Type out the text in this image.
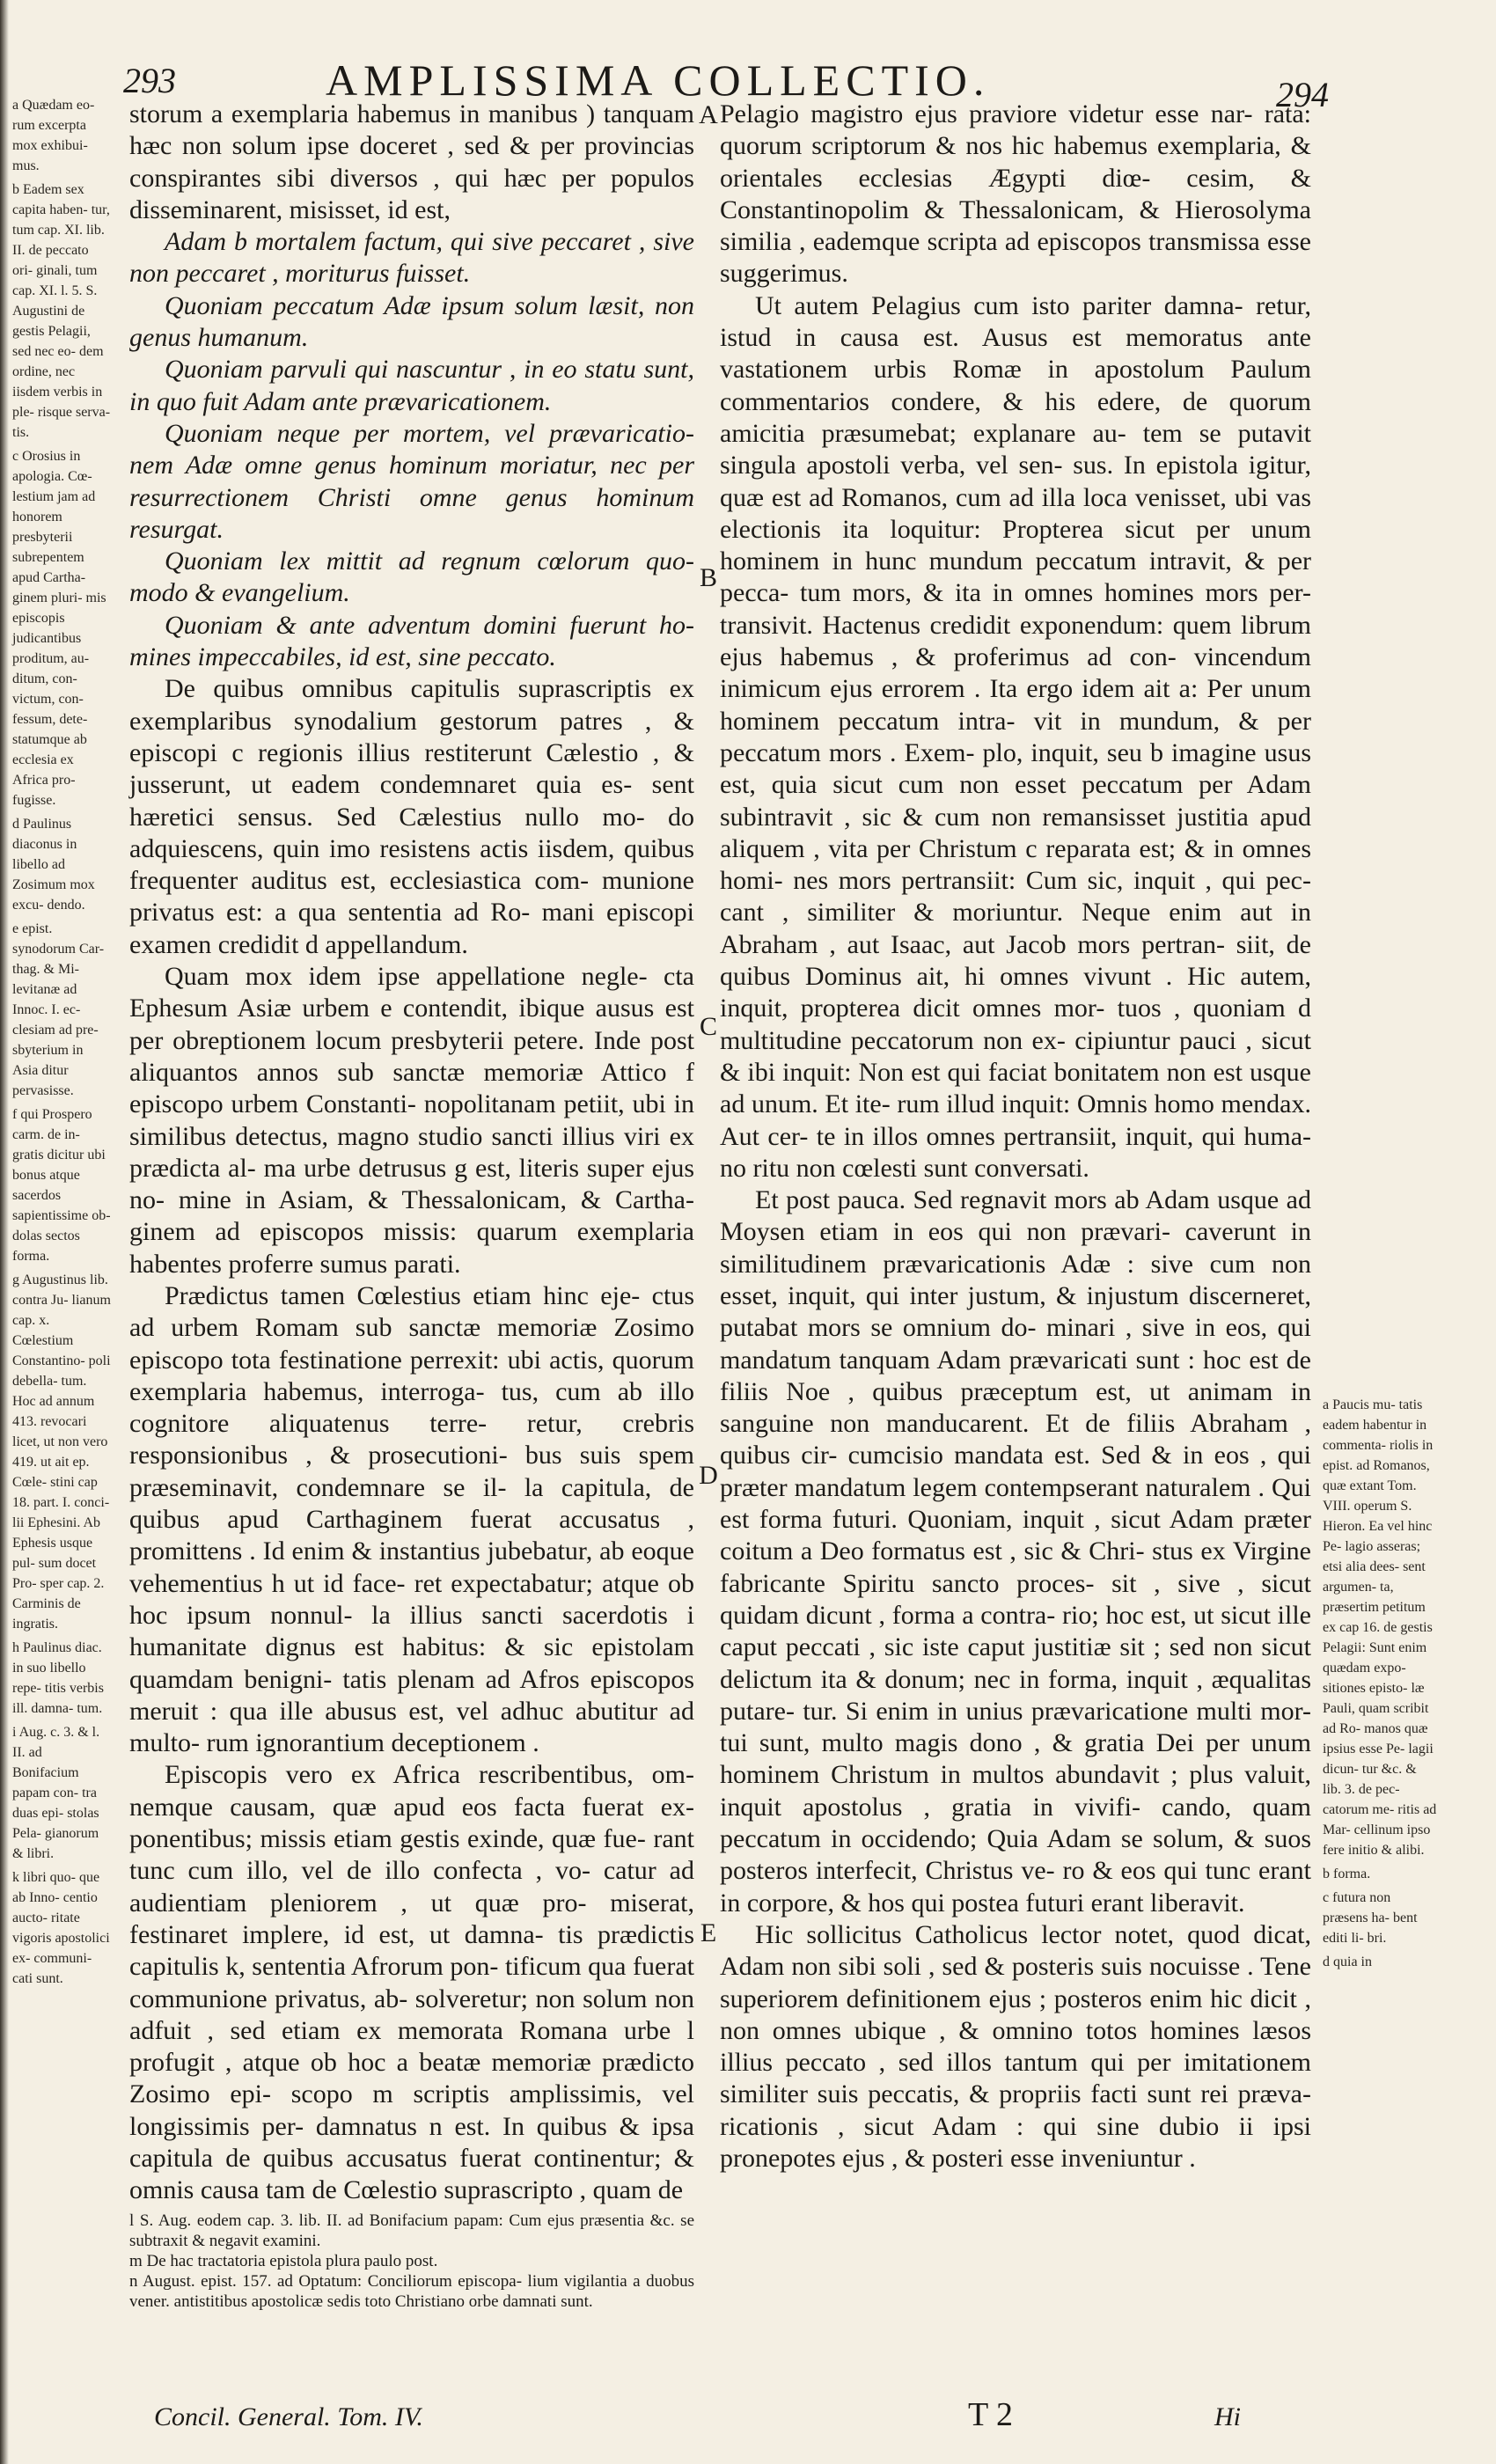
293	AMPLISSIMA COLLECTIO.	294

a Quædam eo- rum excerpta mox exhibui- mus.

b Eadem sex capita haben- tur, tum cap. XI. lib. II. de peccato ori- ginali, tum cap. XI. l. 5. S. Augustini de gestis Pelagii, sed nec eo- dem ordine, nec iisdem verbis in ple- risque serva- tis.

c Orosius in apologia. Cœ- lestium jam ad honorem presbyterii subrepentem apud Cartha- ginem pluri- mis episcopis judicantibus proditum, au- ditum, con- victum, con- fessum, dete- statumque ab ecclesia ex Africa pro- fugisse.

d Paulinus diaconus in libello ad Zosimum mox excu- dendo.

e epist. synodorum Car- thag. & Mi- levitanæ ad Innoc. I. ec- clesiam ad pre- sbyterium in Asia ditur pervasisse.

f qui Prospero carm. de in- gratis dicitur ubi bonus atque sacerdos sapientissime ob- dolas sectos forma.

g Augustinus lib. contra Ju- lianum cap. x. Cœlestium Constantino- poli debella- tum. Hoc ad annum 413. revocari licet, ut non vero 419. ut ait ep. Cœle- stini cap 18. part. I. conci- lii Ephesini. Ab Ephesis usque pul- sum docet Pro- sper cap. 2. Carminis de ingratis.

h Paulinus diac. in suo libello repe- titis verbis ill. damna- tum.

i Aug. c. 3. & l. II. ad Bonifacium papam con- tra duas epi- stolas Pela- gianorum & libri.

k libri quo- que ab Inno- centio aucto- ritate vigoris apostolici ex- communi- cati sunt.

storum a exemplaria habemus in manibus ) tanquam hæc non solum ipse doceret , sed & per provincias conspirantes sibi diversos , qui hæc per populos disseminarent, misisset, id est,

Adam b mortalem factum, qui sive peccaret , sive non peccaret , moriturus fuisset.

Quoniam peccatum Adæ ipsum solum læsit, non genus humanum.

Quoniam parvuli qui nascuntur , in eo statu sunt, in quo fuit Adam ante prævaricationem.

Quoniam neque per mortem, vel prævaricatio- nem Adæ omne genus hominum moriatur, nec per resurrectionem Christi omne genus hominum resurgat.

Quoniam lex mittit ad regnum cœlorum quo- modo & evangelium.

Quoniam & ante adventum domini fuerunt ho- mines impeccabiles, id est, sine peccato.

De quibus omnibus capitulis suprascriptis ex exemplaribus synodalium gestorum patres , & episcopi c regionis illius restiterunt Cælestio , & jusserunt, ut eadem condemnaret quia es- sent hæretici sensus. Sed Cælestius nullo mo- do adquiescens, quin imo resistens actis iisdem, quibus frequenter auditus est, ecclesiastica com- munione privatus est: a qua sententia ad Ro- mani episcopi examen credidit d appellandum.

Quam mox idem ipse appellatione negle- cta Ephesum Asiæ urbem e contendit, ibique ausus est per obreptionem locum presbyterii petere. Inde post aliquantos annos sub sanctæ memoriæ Attico f episcopo urbem Constanti- nopolitanam petiit, ubi in similibus detectus, magno studio sancti illius viri ex prædicta al- ma urbe detrusus g est, literis super ejus no- mine in Asiam, & Thessalonicam, & Cartha- ginem ad episcopos missis: quarum exemplaria habentes proferre sumus parati.

Prædictus tamen Cœlestius etiam hinc eje- ctus ad urbem Romam sub sanctæ memoriæ Zosimo episcopo tota festinatione perrexit: ubi actis, quorum exemplaria habemus, interroga- tus, cum ab illo cognitore aliquatenus terre- retur, crebris responsionibus , & prosecutioni- bus suis spem præseminavit, condemnare se il- la capitula, de quibus apud Carthaginem fuerat accusatus , promittens . Id enim & instantius jubebatur, ab eoque vehementius h ut id face- ret expectabatur; atque ob hoc ipsum nonnul- la illius sancti sacerdotis i humanitate dignus est habitus: & sic epistolam quamdam benigni- tatis plenam ad Afros episcopos meruit : qua ille abusus est, vel adhuc abutitur ad multo- rum ignorantium deceptionem .

Episcopis vero ex Africa rescribentibus, om- nemque causam, quæ apud eos facta fuerat ex- ponentibus; missis etiam gestis exinde, quæ fue- rant tunc cum illo, vel de illo confecta , vo- catur ad audientiam pleniorem , ut quæ pro- miserat, festinaret implere, id est, ut damna- tis prædictis capitulis k, sententia Afrorum pon- tificum qua fuerat communione privatus, ab- solveretur; non solum non adfuit , sed etiam ex memorata Romana urbe l profugit , atque ob hoc a beatæ memoriæ prædicto Zosimo epi- scopo m scriptis amplissimis, vel longissimis per- damnatus n est. In quibus & ipsa capitula de quibus accusatus fuerat continentur; & omnis causa tam de Cœlestio suprascripto , quam de

l S. Aug. eodem cap. 3. lib. II. ad Bonifacium papam: Cum ejus præsentia &c. se subtraxit & negavit examini.

m De hac tractatoria epistola plura paulo post.

n August. epist. 157. ad Optatum: Conciliorum episcopa- lium vigilantia a duobus vener. antistitibus apostolicæ sedis toto Christiano orbe damnati sunt.

A
B
C
D
E

Pelagio magistro ejus praviore videtur esse nar- rata: quorum scriptorum & nos hic habemus exemplaria, & orientales ecclesias Ægypti diœ- cesim, & Constantinopolim & Thessalonicam, & Hierosolyma similia , eademque scripta ad episcopos transmissa esse suggerimus.

Ut autem Pelagius cum isto pariter damna- retur, istud in causa est. Ausus est memoratus ante vastationem urbis Romæ in apostolum Paulum commentarios condere, & his edere, de quorum amicitia præsumebat; explanare au- tem se putavit singula apostoli verba, vel sen- sus. In epistola igitur, quæ est ad Romanos, cum ad illa loca venisset, ubi vas electionis ita loquitur: Propterea sicut per unum hominem in hunc mundum peccatum intravit, & per pecca- tum mors, & ita in omnes homines mors per- transivit. Hactenus credidit exponendum: quem librum ejus habemus , & proferimus ad con- vincendum inimicum ejus errorem . Ita ergo idem ait a: Per unum hominem peccatum intra- vit in mundum, & per peccatum mors . Exem- plo, inquit, seu b imagine usus est, quia sicut cum non esset peccatum per Adam subintravit , sic & cum non remansisset justitia apud aliquem , vita per Christum c reparata est; & in omnes homi- nes mors pertransiit: Cum sic, inquit , qui pec- cant , similiter & moriuntur. Neque enim aut in Abraham , aut Isaac, aut Jacob mors pertran- siit, de quibus Dominus ait, hi omnes vivunt . Hic autem, inquit, propterea dicit omnes mor- tuos , quoniam d multitudine peccatorum non ex- cipiuntur pauci , sicut & ibi inquit: Non est qui faciat bonitatem non est usque ad unum. Et ite- rum illud inquit: Omnis homo mendax. Aut cer- te in illos omnes pertransiit, inquit, qui huma- no ritu non cœlesti sunt conversati.

Et post pauca. Sed regnavit mors ab Adam usque ad Moysen etiam in eos qui non prævari- caverunt in similitudinem prævaricationis Adæ : sive cum non esset, inquit, qui inter justum, & injustum discerneret, putabat mors se omnium do- minari , sive in eos, qui mandatum tanquam Adam prævaricati sunt : hoc est de filiis Noe , quibus præceptum est, ut animam in sanguine non manducarent. Et de filiis Abraham , quibus cir- cumcisio mandata est. Sed & in eos , qui præter mandatum legem contempserant naturalem . Qui est forma futuri. Quoniam, inquit , sicut Adam præter coitum a Deo formatus est , sic & Chri- stus ex Virgine fabricante Spiritu sancto proces- sit , sive , sicut quidam dicunt , forma a contra- rio; hoc est, ut sicut ille caput peccati , sic iste caput justitiæ sit ; sed non sicut delictum ita & donum; nec in forma, inquit , æqualitas putare- tur. Si enim in unius prævaricatione multi mor- tui sunt, multo magis dono , & gratia Dei per unum hominem Christum in multos abundavit ; plus valuit, inquit apostolus , gratia in vivifi- cando, quam peccatum in occidendo; Quia Adam se solum, & suos posteros interfecit, Christus ve- ro & eos qui tunc erant in corpore, & hos qui postea futuri erant liberavit.

Hic sollicitus Catholicus lector notet, quod dicat, Adam non sibi soli , sed & posteris suis nocuisse . Tene superiorem definitionem ejus ; posteros enim hic dicit , non omnes ubique , & omnino totos homines læsos illius peccato , sed illos tantum qui per imitationem similiter suis peccatis, & propriis facti sunt rei præva- ricationis , sicut Adam : qui sine dubio ii ipsi pronepotes ejus , & posteri esse inveniuntur .

a Paucis mu- tatis eadem habentur in commenta- riolis in epist. ad Romanos, quæ extant Tom. VIII. operum S. Hieron. Ea vel hinc Pe- lagio asseras; etsi alia dees- sent argumen- ta, præsertim petitum ex cap 16. de gestis Pelagii: Sunt enim quædam expo- sitiones episto- læ Pauli, quam scribit ad Ro- manos quæ ipsius esse Pe- lagii dicun- tur &c. & lib. 3. de pec- catorum me- ritis ad Mar- cellinum ipso fere initio & alibi.

b forma.

c futura non præsens ha- bent editi li- bri.

d quia in

Concil. General. Tom. IV.	T 2	Hi
